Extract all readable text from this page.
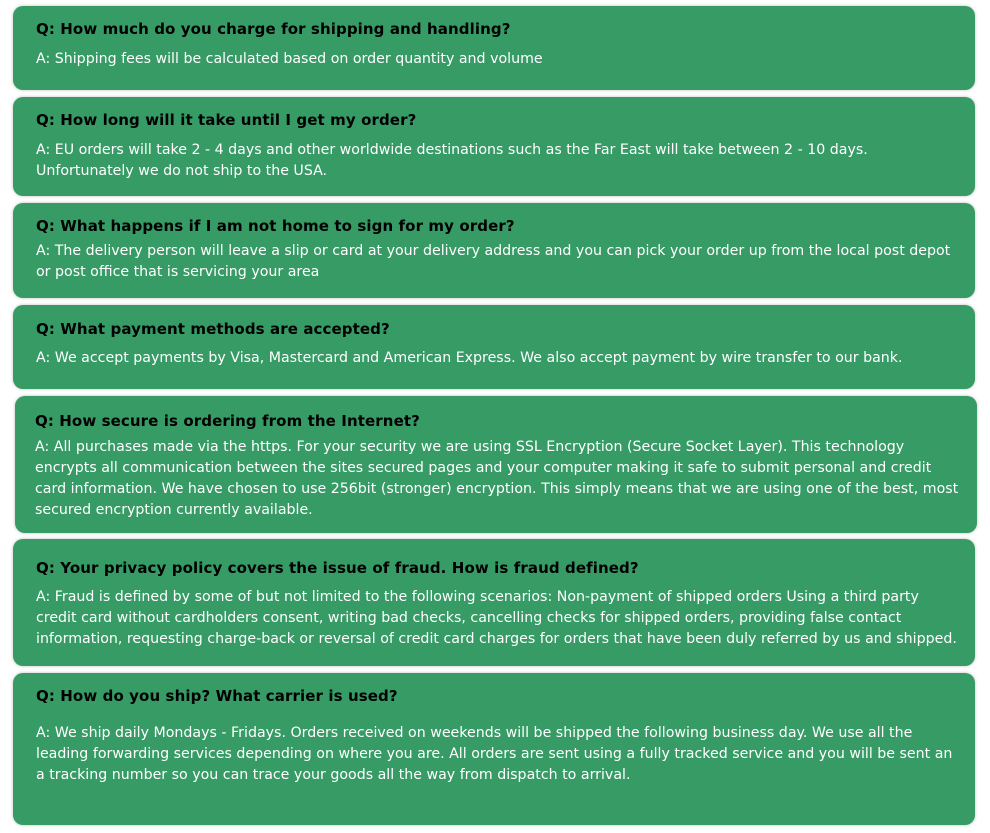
Q: How much do you charge for shipping and handling?
A: Shipping fees will be calculated based on order quantity and volume
Q: How long will it take until I get my order?
A: EU orders will take 2 - 4 days and other worldwide destinations such as the Far East will take between 2 - 10 days. Unfortunately we do not ship to the USA.
Q: What happens if I am not home to sign for my order?
A: The delivery person will leave a slip or card at your delivery address and you can pick your order up from the local post depot or post office that is servicing your area
Q: What payment methods are accepted?
A: We accept payments by Visa, Mastercard and American Express. We also accept payment by wire transfer to our bank.
Q: How secure is ordering from the Internet?
A: All purchases made via the https. For your security we are using SSL Encryption (Secure Socket Layer). This technology encrypts all communication between the sites secured pages and your computer making it safe to submit personal and credit card information. We have chosen to use 256bit (stronger) encryption. This simply means that we are using one of the best, most secured encryption currently available.
Q: Your privacy policy covers the issue of fraud. How is fraud defined?
A: Fraud is defined by some of but not limited to the following scenarios: Non-payment of shipped orders Using a third party credit card without cardholders consent, writing bad checks, cancelling checks for shipped orders, providing false contact information, requesting charge-back or reversal of credit card charges for orders that have been duly referred by us and shipped.
Q: How do you ship? What carrier is used?
A: We ship daily Mondays - Fridays. Orders received on weekends will be shipped the following business day. We use all the leading forwarding services depending on where you are. All orders are sent using a fully tracked service and you will be sent an a tracking number so you can trace your goods all the way from dispatch to arrival.
